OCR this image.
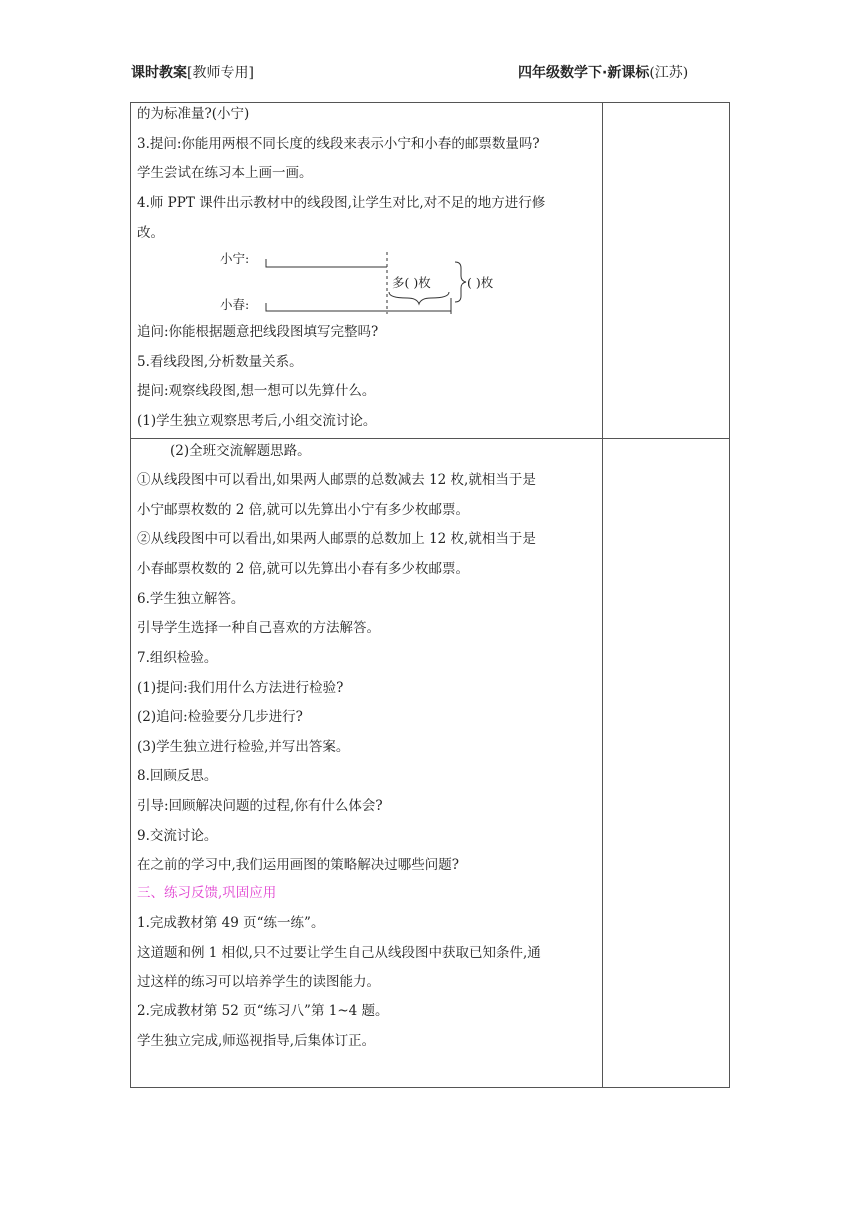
课时教案[教师专用]	四年级数学下·新课标(江苏)
的为标准量?(小宁)
3.提问:你能用两根不同长度的线段来表示小宁和小春的邮票数量吗?
学生尝试在练习本上画一画。
4.师 PPT 课件出示教材中的线段图,让学生对比,对不足的地方进行修
改。
小宁:
小春:
多( )枚	( )枚
追问:你能根据题意把线段图填写完整吗?
5.看线段图,分析数量关系。
提问:观察线段图,想一想可以先算什么。
(1)学生独立观察思考后,小组交流讨论。
(2)全班交流解题思路。
①从线段图中可以看出,如果两人邮票的总数减去 12 枚,就相当于是
小宁邮票枚数的 2 倍,就可以先算出小宁有多少枚邮票。
②从线段图中可以看出,如果两人邮票的总数加上 12 枚,就相当于是
小春邮票枚数的 2 倍,就可以先算出小春有多少枚邮票。
6.学生独立解答。
引导学生选择一种自己喜欢的方法解答。
7.组织检验。
(1)提问:我们用什么方法进行检验?
(2)追问:检验要分几步进行?
(3)学生独立进行检验,并写出答案。
8.回顾反思。
引导:回顾解决问题的过程,你有什么体会?
9.交流讨论。
在之前的学习中,我们运用画图的策略解决过哪些问题?
三、练习反馈,巩固应用
1.完成教材第 49 页“练一练”。
这道题和例 1 相似,只不过要让学生自己从线段图中获取已知条件,通
过这样的练习可以培养学生的读图能力。
2.完成教材第 52 页“练习八”第 1~4 题。
学生独立完成,师巡视指导,后集体订正。
